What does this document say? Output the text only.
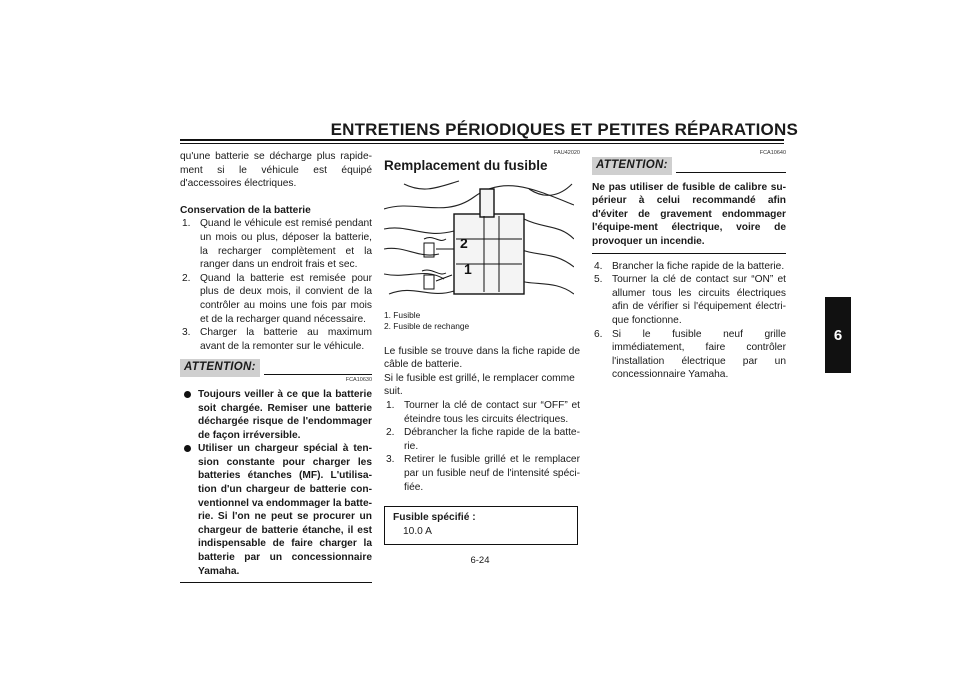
ENTRETIENS PÉRIODIQUES ET PETITES RÉPARATIONS

qu'une batterie se décharge plus rapide-ment si le véhicule est équipé d'accessoires électriques.

Conservation de la batterie

1. Quand le véhicule est remisé pendant un mois ou plus, déposer la batterie, la recharger complètement et la ranger dans un endroit frais et sec.
2. Quand la batterie est remisée pour plus de deux mois, il convient de la contrôler au moins une fois par mois et de la recharger quand nécessaire.
3. Charger la batterie au maximum avant de la remonter sur le véhicule.
ATTENTION:
FCA10630
Toujours veiller à ce que la batterie soit chargée. Remiser une batterie déchargée risque de l'endommager de façon irréversible.
Utiliser un chargeur spécial à ten-sion constante pour charger les batteries étanches (MF). L'utilisa-tion d'un chargeur de batterie con-ventionnel va endommager la batte-rie. Si l'on ne peut se procurer un chargeur de batterie étanche, il est indispensable de faire charger la batterie par un concessionnaire Yamaha.
FAU42020

Remplacement du fusible

2
1
1. Fusible
2. Fusible de rechange

Le fusible se trouve dans la fiche rapide de câble de batterie.

Si le fusible est grillé, le remplacer comme suit.

1. Tourner la clé de contact sur “OFF” et éteindre tous les circuits électriques.
2. Débrancher la fiche rapide de la batte-rie.
3. Retirer le fusible grillé et le remplacer par un fusible neuf de l'intensité spéci-fiée.
Fusible spécifié :
10.0 A
FCA10640
ATTENTION:

Ne pas utiliser de fusible de calibre su-périeur à celui recommandé afin d'éviter de gravement endommager l'équipe-ment électrique, voire de provoquer un incendie.

4. Brancher la fiche rapide de la batterie.
5. Tourner la clé de contact sur “ON” et allumer tous les circuits électriques afin de vérifier si l'équipement électri-que fonctionne.
6. Si le fusible neuf grille immédiatement, faire contrôler l'installation électrique par un concessionnaire Yamaha.
6
6-24
